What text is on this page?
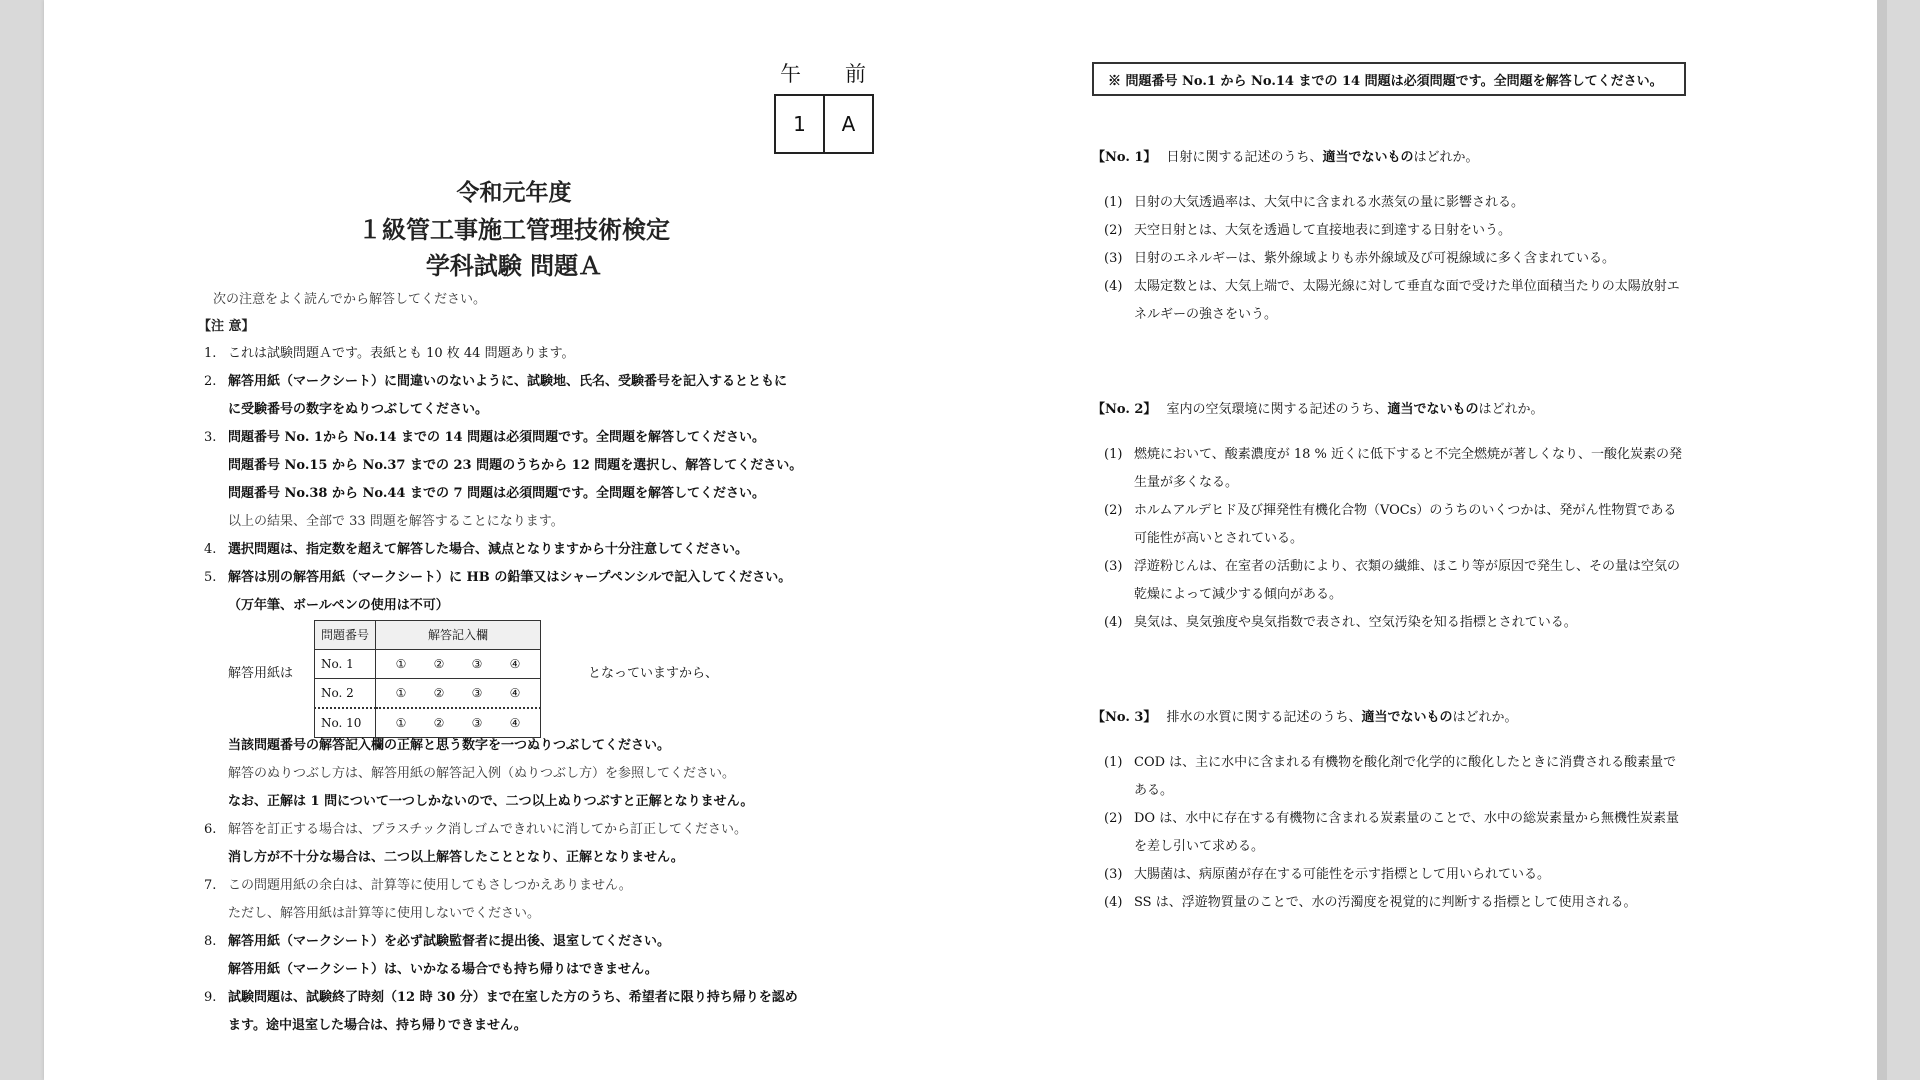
午 前
1	A
令和元年度
１級管工事施工管理技術検定
学科試験 問題Ａ
次の注意をよく読んでから解答してください。
【注 意】
1. これは試験問題Ａです。表紙とも 10 枚 44 問題あります。
2. 解答用紙（マークシート）に間違いのないように、試験地、氏名、受験番号を記入するとともに
に受験番号の数字をぬりつぶしてください。
3. 問題番号 No. 1から No.14 までの 14 問題は必須問題です。全問題を解答してください。
問題番号 No.15 から No.37 までの 23 問題のうちから 12 問題を選択し、解答してください。
問題番号 No.38 から No.44 までの 7 問題は必須問題です。全問題を解答してください。
以上の結果、全部で 33 問題を解答することになります。
4. 選択問題は、指定数を超えて解答した場合、減点となりますから十分注意してください。
5. 解答は別の解答用紙（マークシート）に HB の鉛筆又はシャープペンシルで記入してください。
（万年筆、ボールペンの使用は不可）
解答用紙は
問題番号	解答記入欄
No. 1	① ② ③ ④
No. 2	① ② ③ ④
No. 10	① ② ③ ④
となっていますから、
当該問題番号の解答記入欄の正解と思う数字を一つぬりつぶしてください。
解答のぬりつぶし方は、解答用紙の解答記入例（ぬりつぶし方）を参照してください。
なお、正解は 1 問について一つしかないので、二つ以上ぬりつぶすと正解となりません。
6. 解答を訂正する場合は、プラスチック消しゴムできれいに消してから訂正してください。
消し方が不十分な場合は、二つ以上解答したこととなり、正解となりません。
7. この問題用紙の余白は、計算等に使用してもさしつかえありません。
ただし、解答用紙は計算等に使用しないでください。
8. 解答用紙（マークシート）を必ず試験監督者に提出後、退室してください。
解答用紙（マークシート）は、いかなる場合でも持ち帰りはできません。
9. 試験問題は、試験終了時刻（12 時 30 分）まで在室した方のうち、希望者に限り持ち帰りを認め
ます。途中退室した場合は、持ち帰りできません。
※ 問題番号 No.1 から No.14 までの 14 問題は必須問題です。全問題を解答してください。
【No. 1】 日射に関する記述のうち、適当でないものはどれか。
(1) 日射の大気透過率は、大気中に含まれる水蒸気の量に影響される。
(2) 天空日射とは、大気を透過して直接地表に到達する日射をいう。
(3) 日射のエネルギーは、紫外線域よりも赤外線域及び可視線域に多く含まれている。
(4) 太陽定数とは、大気上端で、太陽光線に対して垂直な面で受けた単位面積当たりの太陽放射エ
ネルギーの強さをいう。
【No. 2】 室内の空気環境に関する記述のうち、適当でないものはどれか。
(1) 燃焼において、酸素濃度が 18 % 近くに低下すると不完全燃焼が著しくなり、一酸化炭素の発
生量が多くなる。
(2) ホルムアルデヒド及び揮発性有機化合物（VOCs）のうちのいくつかは、発がん性物質である
可能性が高いとされている。
(3) 浮遊粉じんは、在室者の活動により、衣類の繊維、ほこり等が原因で発生し、その量は空気の
乾燥によって減少する傾向がある。
(4) 臭気は、臭気強度や臭気指数で表され、空気汚染を知る指標とされている。
【No. 3】 排水の水質に関する記述のうち、適当でないものはどれか。
(1) COD は、主に水中に含まれる有機物を酸化剤で化学的に酸化したときに消費される酸素量で
ある。
(2) DO は、水中に存在する有機物に含まれる炭素量のことで、水中の総炭素量から無機性炭素量
を差し引いて求める。
(3) 大腸菌は、病原菌が存在する可能性を示す指標として用いられている。
(4) SS は、浮遊物質量のことで、水の汚濁度を視覚的に判断する指標として使用される。
